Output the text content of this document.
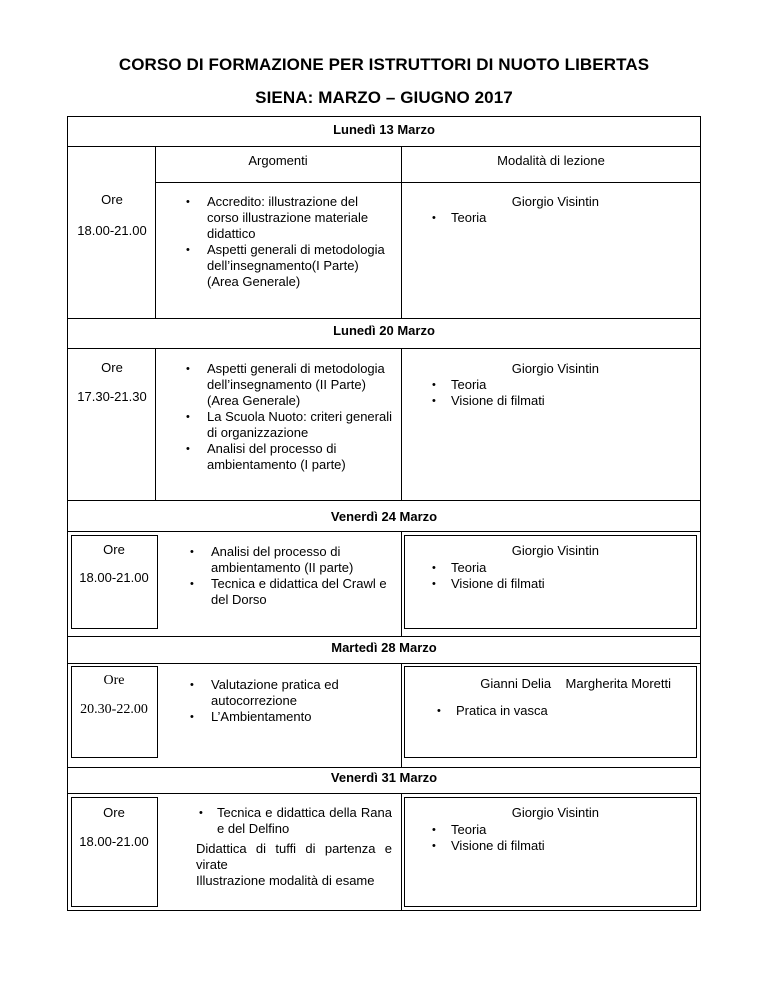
CORSO DI FORMAZIONE PER ISTRUTTORI DI NUOTO LIBERTAS
SIENA: MARZO – GIUGNO 2017
Lunedì 13 Marzo
Argomenti	Modalità di lezione
Ore
18.00-21.00
• Accredito: illustrazione del corso illustrazione materiale didattico
• Aspetti generali di metodologia dell’insegnamento(I Parte) (Area Generale)
Giorgio Visintin
• Teoria
Lunedì 20 Marzo
Ore
17.30-21.30
• Aspetti generali di metodologia dell’insegnamento (II Parte) (Area Generale)
• La Scuola Nuoto: criteri generali di organizzazione
• Analisi del processo di ambientamento (I parte)
Giorgio Visintin
• Teoria
• Visione di filmati
Venerdì 24 Marzo
Ore
18.00-21.00
• Analisi del processo di ambientamento (II parte)
• Tecnica e didattica del Crawl e del Dorso
Giorgio Visintin
• Teoria
• Visione di filmati
Martedì 28 Marzo
Ore
20.30-22.00
• Valutazione pratica ed autocorrezione
• L’Ambientamento
Gianni Delia    Margherita Moretti
• Pratica in vasca
Venerdì 31 Marzo
Ore
18.00-21.00
• Tecnica e didattica della Rana e del Delfino
Didattica di tuffi di partenza e virate
Illustrazione modalità di esame
Giorgio Visintin
• Teoria
• Visione di filmati
